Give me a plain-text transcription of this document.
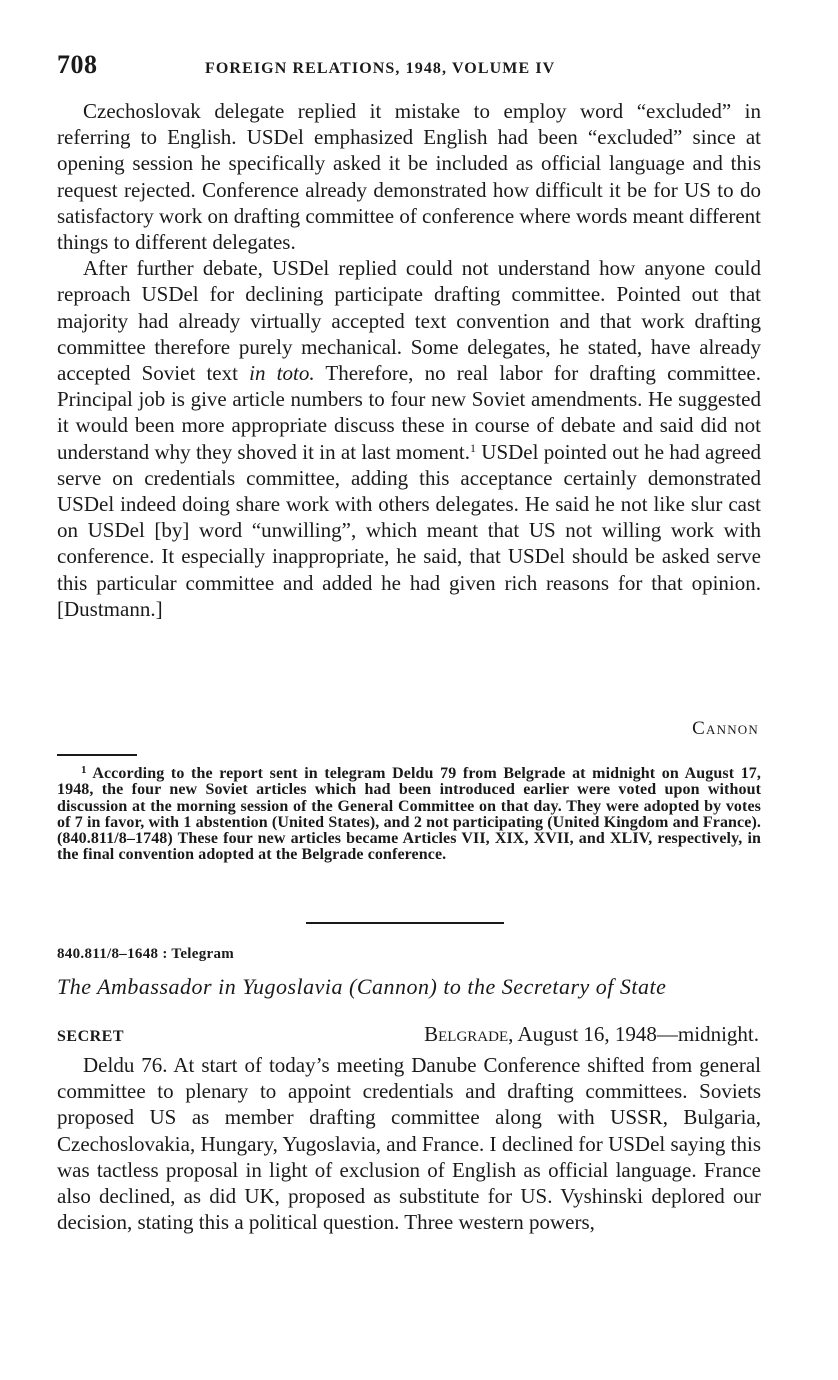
708	FOREIGN RELATIONS, 1948, VOLUME IV

Czechoslovak delegate replied it mistake to employ word “excluded” in referring to English. USDel emphasized English had been “excluded” since at opening session he specifically asked it be included as official language and this request rejected. Conference already demonstrated how difficult it be for US to do satisfactory work on drafting committee of conference where words meant different things to different delegates.

After further debate, USDel replied could not understand how anyone could reproach USDel for declining participate drafting committee. Pointed out that majority had already virtually accepted text convention and that work drafting committee therefore purely mechanical. Some delegates, he stated, have already accepted Soviet text in toto. Therefore, no real labor for drafting committee. Principal job is give article numbers to four new Soviet amendments. He suggested it would been more appropriate discuss these in course of debate and said did not understand why they shoved it in at last moment.$^1$ USDel pointed out he had agreed serve on credentials committee, adding this acceptance certainly demonstrated USDel indeed doing share work with others delegates. He said he not like slur cast on USDel [by] word “unwilling”, which meant that US not willing work with conference. It especially inappropriate, he said, that USDel should be asked serve this particular committee and added he had given rich reasons for that opinion. [Dustmann.]

Cannon

$^1$ According to the report sent in telegram Deldu 79 from Belgrade at midnight on August 17, 1948, the four new Soviet articles which had been introduced earlier were voted upon without discussion at the morning session of the General Committee on that day. They were adopted by votes of 7 in favor, with 1 abstention (United States), and 2 not participating (United Kingdom and France). (840.811/8–1748) These four new articles became Articles VII, XIX, XVII, and XLIV, respectively, in the final convention adopted at the Belgrade conference.

840.811/8–1648 : Telegram
The Ambassador in Yugoslavia (Cannon) to the Secretary of State
SECRET	Belgrade, August 16, 1948—midnight.

Deldu 76. At start of today’s meeting Danube Conference shifted from general committee to plenary to appoint credentials and drafting committees. Soviets proposed US as member drafting committee along with USSR, Bulgaria, Czechoslovakia, Hungary, Yugoslavia, and France. I declined for USDel saying this was tactless proposal in light of exclusion of English as official language. France also declined, as did UK, proposed as substitute for US. Vyshinski deplored our decision, stating this a political question. Three western powers,
